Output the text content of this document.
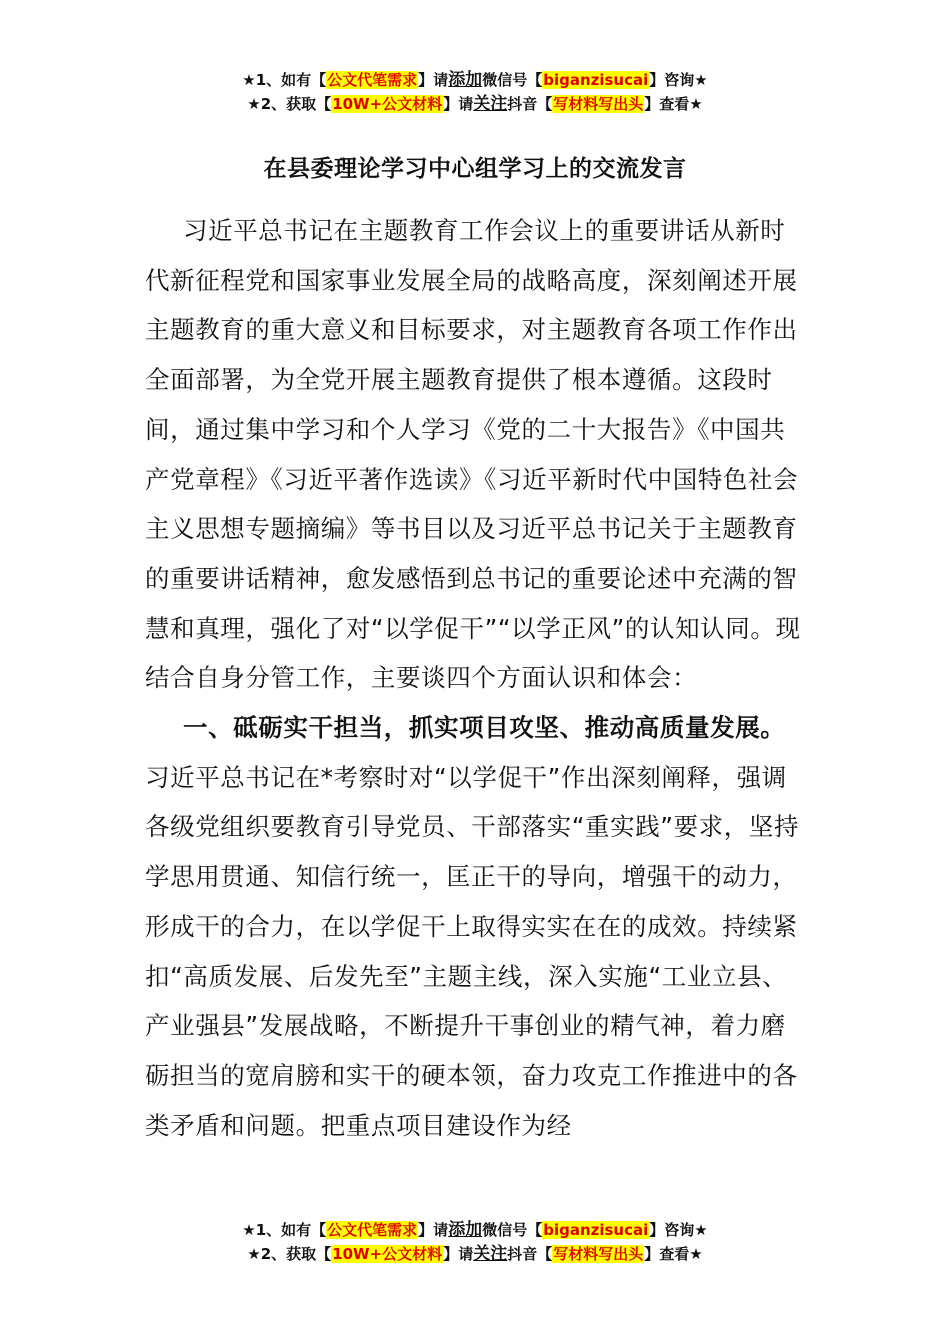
★1、如有【公文代笔需求】请添加微信号【biganzisucai】咨询★
★2、获取【10W+公文材料】请关注抖音【写材料写出头】查看★
在县委理论学习中心组学习上的交流发言

习近平总书记在主题教育工作会议上的重要讲话从新时代新征程党和国家事业发展全局的战略高度，深刻阐述开展主题教育的重大意义和目标要求，对主题教育各项工作作出全面部署，为全党开展主题教育提供了根本遵循。这段时间，通过集中学习和个人学习《党的二十大报告》《中国共产党章程》《习近平著作选读》《习近平新时代中国特色社会主义思想专题摘编》等书目以及习近平总书记关于主题教育的重要讲话精神，愈发感悟到总书记的重要论述中充满的智慧和真理，强化了对“以学促干”“以学正风”的认知认同。现结合自身分管工作，主要谈四个方面认识和体会：

一、砥砺实干担当，抓实项目攻坚、推动高质量发展。

习近平总书记在*考察时对“以学促干”作出深刻阐释，强调各级党组织要教育引导党员、干部落实“重实践”要求，坚持学思用贯通、知信行统一，匡正干的导向，增强干的动力，形成干的合力，在以学促干上取得实实在在的成效。持续紧扣“高质发展、后发先至”主题主线，深入实施“工业立县、产业强县”发展战略，不断提升干事创业的精气神，着力磨砺担当的宽肩膀和实干的硬本领，奋力攻克工作推进中的各类矛盾和问题。把重点项目建设作为经

★1、如有【公文代笔需求】请添加微信号【biganzisucai】咨询★
★2、获取【10W+公文材料】请关注抖音【写材料写出头】查看★
